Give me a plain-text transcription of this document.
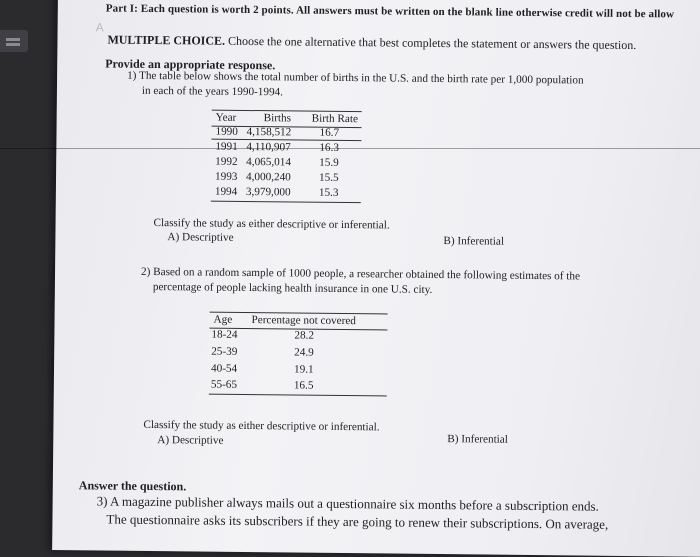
Part I: Each question is worth 2 points. All answers must be written on the blank line otherwise credit will not be allow
A
MULTIPLE CHOICE. Choose the one alternative that best completes the statement or answers the question.
Provide an appropriate response.
1) The table below shows the total number of births in the U.S. and the birth rate per 1,000 population
in each of the years 1990-1994.
Year Births Birth Rate
1990 4,158,512	16.7
1991 4,110,907	16.3
1992 4,065,014	15.9
1993 4,000,240	15.5
1994 3,979,000	15.3
Classify the study as either descriptive or inferential.
A) Descriptive	B) Inferential
2) Based on a random sample of 1000 people, a researcher obtained the following estimates of the
percentage of people lacking health insurance in one U.S. city.
Age Percentage not covered
18-24	28.2
25-39	24.9
40-54	19.1
55-65	16.5
Classify the study as either descriptive or inferential.
A) Descriptive	B) Inferential
Answer the question.
3) A magazine publisher always mails out a questionnaire six months before a subscription ends.
The questionnaire asks its subscribers if they are going to renew their subscriptions. On average,
